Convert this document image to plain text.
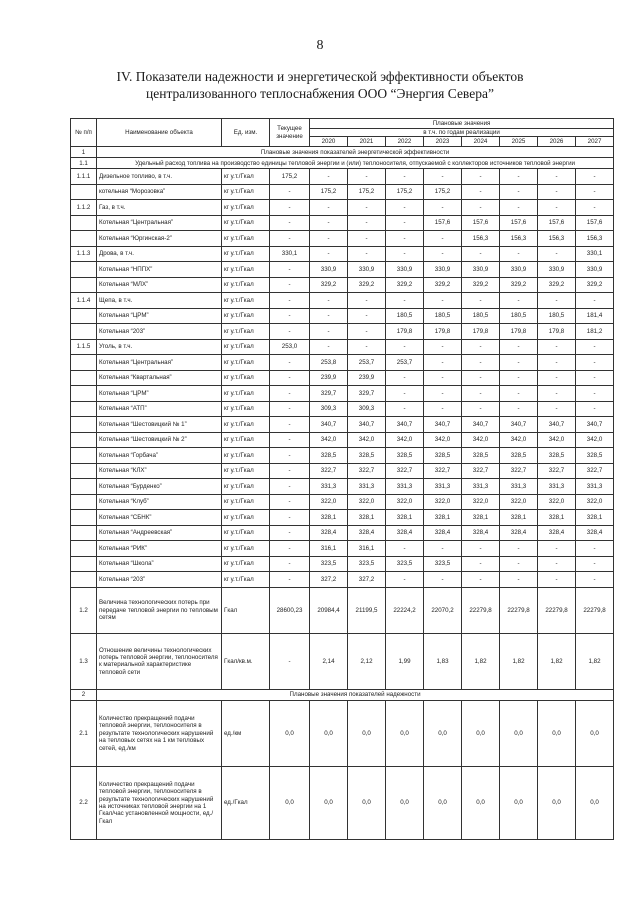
8
IV. Показатели надежности и энергетической эффективности объектов централизованного теплоснабжения ООО “Энергия Севера”
№ п/п	Наименование объекта	Ед. изм.	Текущее значение	Плановые значения							
				в т.ч. по годам реализации							
				2020	2021	2022	2023	2024	2025	2026	2027
1	Плановые значения показателей энергетической эффективности										
1.1	Удельный расход топлива на производство единицы тепловой энергии и (или) теплоносителя, отпускаемой с коллекторов источников тепловой энергии										
1.1.1	Дизельное топливо, в т.ч.	кг у.т./Гкал	175,2	-	-	-	-	-	-	-	-
	котельная “Морозовка”	кг у.т./Гкал	-	175,2	175,2	175,2	175,2	-	-	-	-
1.1.2	Газ, в т.ч.	кг у.т./Гкал	-	-	-	-	-	-	-	-	-
	Котельная “Центральная”	кг у.т./Гкал	-	-	-	-	157,6	157,6	157,6	157,6	157,6
	Котельная “Юргинская-2”	кг у.т./Гкал	-	-	-	-	-	156,3	156,3	156,3	156,3
1.1.3	Дрова, в т.ч.	кг у.т./Гкал	330,1	-	-	-	-	-	-	-	330,1
	Котельная “НППХ”	кг у.т./Гкал	-	330,9	330,9	330,9	330,9	330,9	330,9	330,9	330,9
	Котельная “МЛХ”	кг у.т./Гкал	-	329,2	329,2	329,2	329,2	329,2	329,2	329,2	329,2
1.1.4	Щепа, в т.ч.	кг у.т./Гкал	-	-	-	-	-	-	-	-	-
	Котельная “ЦРМ”	кг у.т./Гкал	-	-	-	180,5	180,5	180,5	180,5	180,5	181,4
	Котельная “203”	кг у.т./Гкал	-	-	-	179,8	179,8	179,8	179,8	179,8	181,2
1.1.5	Уголь, в т.ч.	кг у.т./Гкал	253,0	-	-	-	-	-	-	-	-
	Котельная “Центральная”	кг у.т./Гкал	-	253,8	253,7	253,7	-	-	-	-	-
	Котельная “Квартальная”	кг у.т./Гкал	-	239,9	239,9	-	-	-	-	-	-
	Котельная “ЦРМ”	кг у.т./Гкал	-	329,7	329,7	-	-	-	-	-	-
	Котельная “АТП”	кг у.т./Гкал	-	309,3	309,3	-	-	-	-	-	-
	Котельная “Шестовицкий № 1”	кг у.т./Гкал	-	340,7	340,7	340,7	340,7	340,7	340,7	340,7	340,7
	Котельная “Шестовицкий № 2”	кг у.т./Гкал	-	342,0	342,0	342,0	342,0	342,0	342,0	342,0	342,0
	Котельная “Горбача”	кг у.т./Гкал	-	328,5	328,5	328,5	328,5	328,5	328,5	328,5	328,5
	Котельная “КЛХ”	кг у.т./Гкал	-	322,7	322,7	322,7	322,7	322,7	322,7	322,7	322,7
	Котельная “Бурденко”	кг у.т./Гкал	-	331,3	331,3	331,3	331,3	331,3	331,3	331,3	331,3
	Котельная “Клуб”	кг у.т./Гкал	-	322,0	322,0	322,0	322,0	322,0	322,0	322,0	322,0
	Котельная “СБНК”	кг у.т./Гкал	-	328,1	328,1	328,1	328,1	328,1	328,1	328,1	328,1
	Котельная “Андреевская”	кг у.т./Гкал	-	328,4	328,4	328,4	328,4	328,4	328,4	328,4	328,4
	Котельная “РИК”	кг у.т./Гкал	-	316,1	316,1	-	-	-	-	-	-
	Котельная “Школа”	кг у.т./Гкал	-	323,5	323,5	323,5	323,5	-	-	-	-
	Котельная “203”	кг у.т./Гкал	-	327,2	327,2	-	-	-	-	-	-
1.2	Величина технологических потерь при передаче тепловой энергии по тепловым сетям	Гкал	28600,23	20984,4	21199,5	22224,2	22070,2	22279,8	22279,8	22279,8	22279,8
1.3	Отношение величины технологических потерь тепловой энергии, теплоносителя к материальной характеристике тепловой сети	Гкал/кв.м.	-	2,14	2,12	1,99	1,83	1,82	1,82	1,82	1,82
2	Плановые значения показателей надежности										
2.1	Количество прекращений подачи тепловой энергии, теплоносителя в результате технологических нарушений на тепловых сетях на 1 км тепловых сетей, ед./км	ед./км	0,0	0,0	0,0	0,0	0,0	0,0	0,0	0,0	0,0
2.2	Количество прекращений подачи тепловой энергии, теплоносителя в результате технологических нарушений на источниках тепловой энергии на 1 Гкал/час установленной мощности, ед./Гкал	ед./Гкал	0,0	0,0	0,0	0,0	0,0	0,0	0,0	0,0	0,0
